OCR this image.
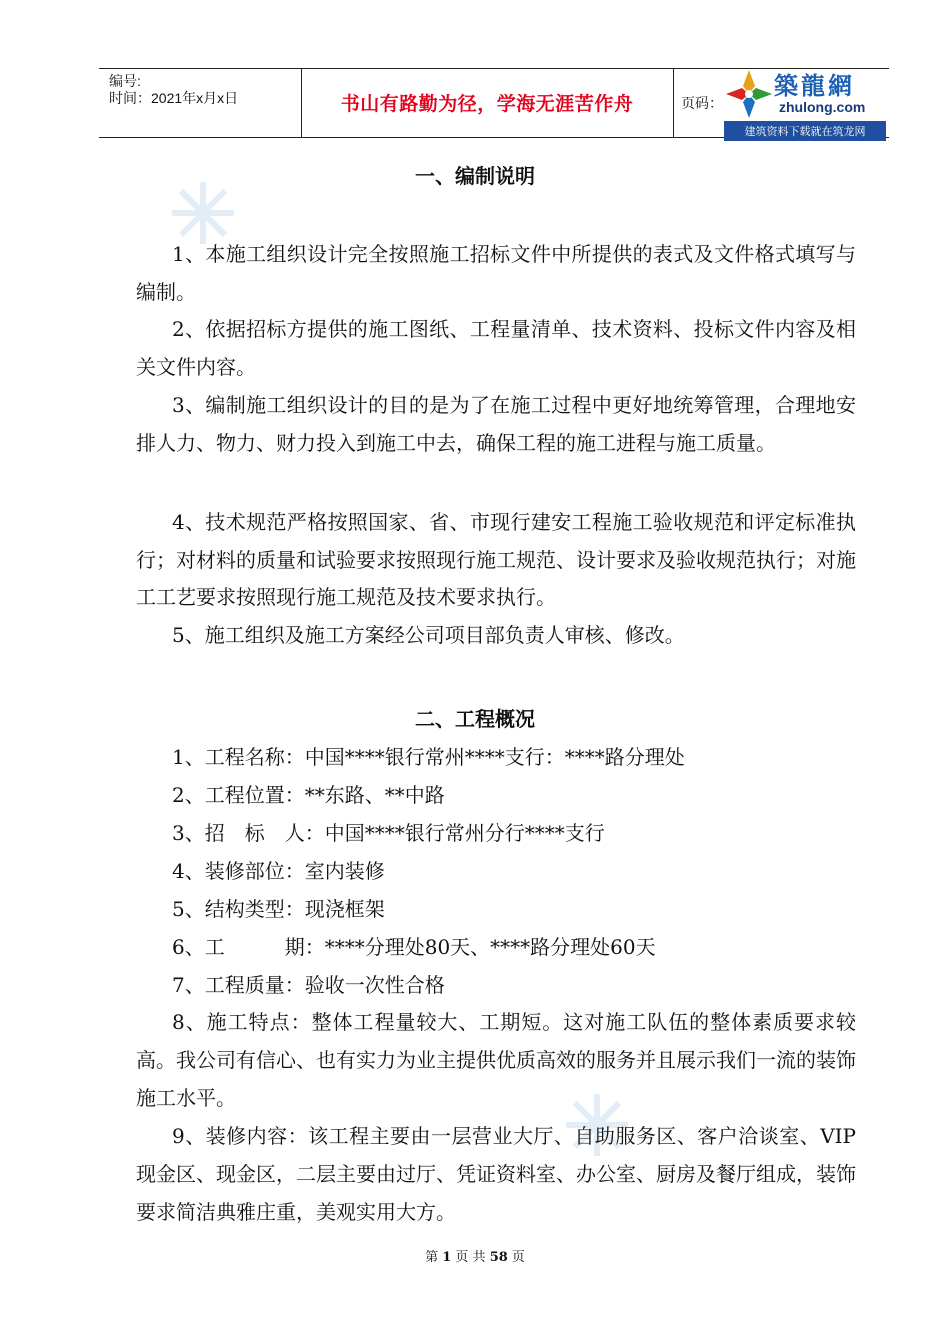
编号:
时间：2021年x月x日	书山有路勤为径，学海无涯苦作舟	页码：
築龍網
zhulong.com
建筑资料下载就在筑龙网
一、编制说明

1、本施工组织设计完全按照施工招标文件中所提供的表式及文件格式填写与编制。

2、依据招标方提供的施工图纸、工程量清单、技术资料、投标文件内容及相关文件内容。

3、编制施工组织设计的目的是为了在施工过程中更好地统筹管理，合理地安排人力、物力、财力投入到施工中去，确保工程的施工进程与施工质量。

4、技术规范严格按照国家、省、市现行建安工程施工验收规范和评定标准执行；对材料的质量和试验要求按照现行施工规范、设计要求及验收规范执行；对施工工艺要求按照现行施工规范及技术要求执行。

5、施工组织及施工方案经公司项目部负责人审核、修改。

二、工程概况
1、工程名称：中国****银行常州****支行：****路分理处
2、工程位置：**东路、**中路
3、招　标　人：中国****银行常州分行****支行
4、装修部位：室内装修
5、结构类型：现浇框架
6、工　　　期：****分理处80天、****路分理处60天
7、工程质量：验收一次性合格

8、施工特点：整体工程量较大、工期短。这对施工队伍的整体素质要求较高。我公司有信心、也有实力为业主提供优质高效的服务并且展示我们一流的装饰施工水平。

9、装修内容：该工程主要由一层营业大厅、自助服务区、客户洽谈室、VIP现金区、现金区，二层主要由过厅、凭证资料室、办公室、厨房及餐厅组成，装饰要求简洁典雅庄重，美观实用大方。

第 1 页 共 58 页
